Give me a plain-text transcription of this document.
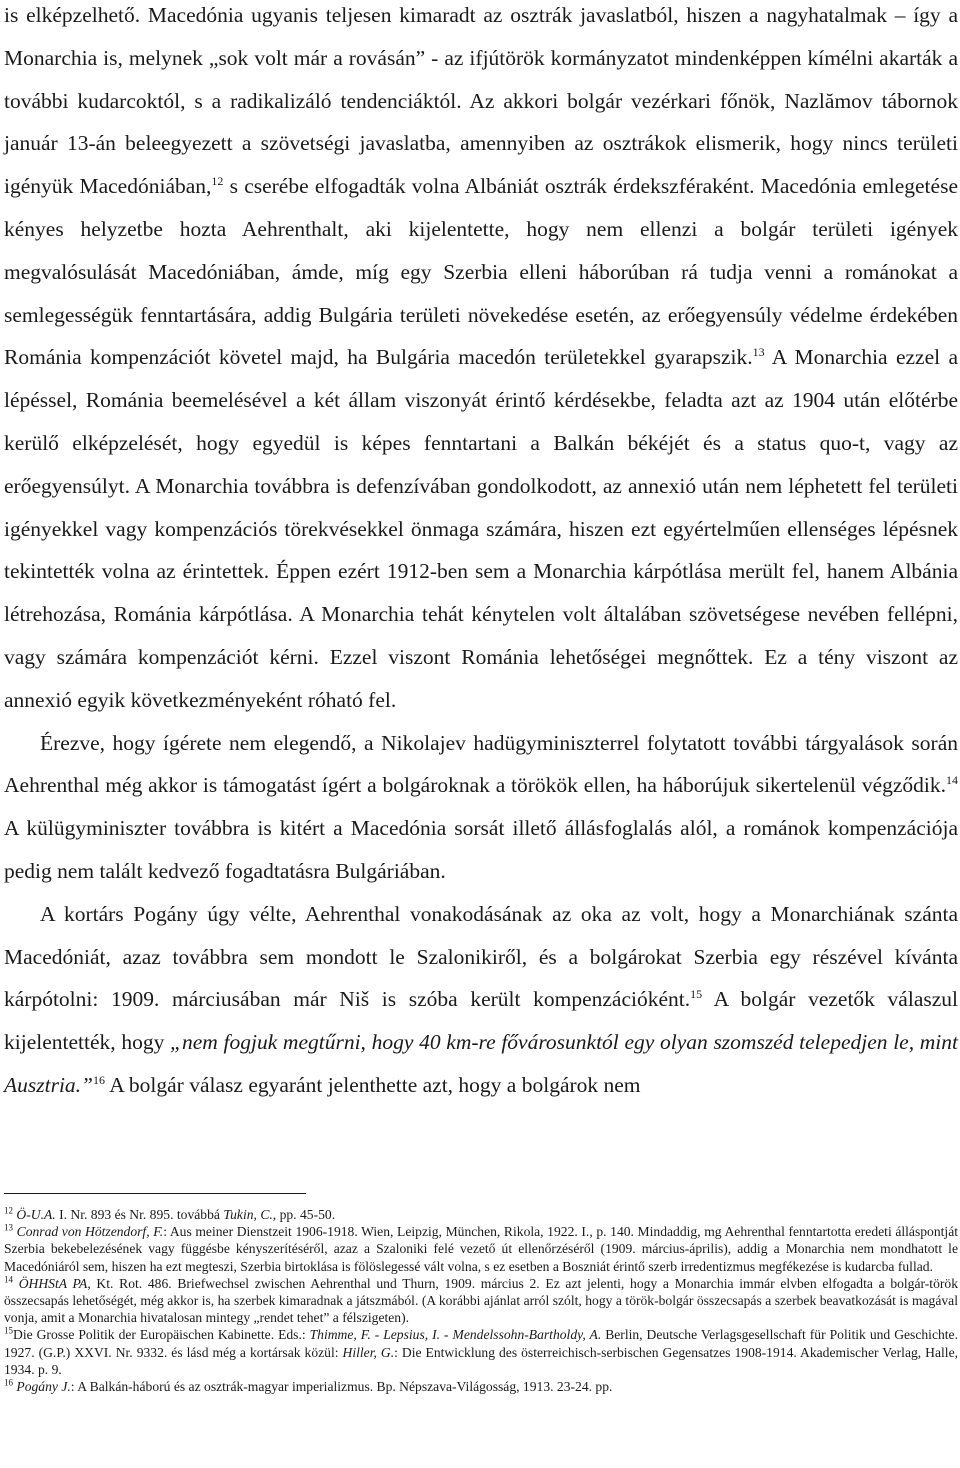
is elképzelhető. Macedónia ugyanis teljesen kimaradt az osztrák javaslatból, hiszen a nagyhatalmak – így a Monarchia is, melynek „sok volt már a rovásán” - az ifjútörök kormányzatot mindenképpen kímélni akarták a további kudarcoktól, s a radikalizáló tendenciáktól. Az akkori bolgár vezérkari főnök, Nazlămov tábornok január 13-án beleegyezett a szövetségi javaslatba, amennyiben az osztrákok elismerik, hogy nincs területi igényük Macedóniában,$^{12}$ s cserébe elfogadták volna Albániát osztrák érdekszféraként. Macedónia emlegetése kényes helyzetbe hozta Aehrenthalt, aki kijelentette, hogy nem ellenzi a bolgár területi igények megvalósulását Macedóniában, ámde, míg egy Szerbia elleni háborúban rá tudja venni a románokat a semlegességük fenntartására, addig Bulgária területi növekedése esetén, az erőegyensúly védelme érdekében Románia kompenzációt követel majd, ha Bulgária macedón területekkel gyarapszik.$^{13}$ A Monarchia ezzel a lépéssel, Románia beemelésével a két állam viszonyát érintő kérdésekbe, feladta azt az 1904 után előtérbe kerülő elképzelését, hogy egyedül is képes fenntartani a Balkán békéjét és a status quo-t, vagy az erőegyensúlyt. A Monarchia továbbra is defenzívában gondolkodott, az annexió után nem léphetett fel területi igényekkel vagy kompenzációs törekvésekkel önmaga számára, hiszen ezt egyértelműen ellenséges lépésnek tekintették volna az érintettek. Éppen ezért 1912-ben sem a Monarchia kárpótlása merült fel, hanem Albánia létrehozása, Románia kárpótlása. A Monarchia tehát kénytelen volt általában szövetségese nevében fellépni, vagy számára kompenzációt kérni. Ezzel viszont Románia lehetőségei megnőttek. Ez a tény viszont az annexió egyik következményeként róható fel.

Érezve, hogy ígérete nem elegendő, a Nikolajev hadügyminiszterrel folytatott további tárgyalások során Aehrenthal még akkor is támogatást ígért a bolgároknak a törökök ellen, ha háborújuk sikertelenül végződik.$^{14}$ A külügyminiszter továbbra is kitért a Macedónia sorsát illető állásfoglalás alól, a románok kompenzációja pedig nem talált kedvező fogadtatásra Bulgáriában.

A kortárs Pogány úgy vélte, Aehrenthal vonakodásának az oka az volt, hogy a Monarchiának szánta Macedóniát, azaz továbbra sem mondott le Szalonikiről, és a bolgárokat Szerbia egy részével kívánta kárpótolni: 1909. márciusában már Niš is szóba került kompenzációként.$^{15}$ A bolgár vezetők válaszul kijelentették, hogy „nem fogjuk megtűrni, hogy 40 km-re fővárosunktól egy olyan szomszéd telepedjen le, mint Ausztria.”$^{16}$ A bolgár válasz egyaránt jelenthette azt, hogy a bolgárok nem

$^{12}$ Ö-U.A. I. Nr. 893 és Nr. 895. továbbá Tukin, C., pp. 45-50.

$^{13}$ Conrad von Hötzendorf, F.: Aus meiner Dienstzeit 1906-1918. Wien, Leipzig, München, Rikola, 1922. I., p. 140. Mindaddig, mg Aehrenthal fenntartotta eredeti álláspontját Szerbia bekebelezésének vagy függésbe kényszerítéséről, azaz a Szaloniki felé vezető út ellenőrzéséről (1909. március-április), addig a Monarchia nem mondhatott le Macedóniáról sem, hiszen ha ezt megteszi, Szerbia birtoklása is fölöslegessé vált volna, s ez esetben a Boszniát érintő szerb irredentizmus megfékezése is kudarcba fullad.

$^{14}$ ÖHHStA PA, Kt. Rot. 486. Briefwechsel zwischen Aehrenthal und Thurn, 1909. március 2. Ez azt jelenti, hogy a Monarchia immár elvben elfogadta a bolgár-török összecsapás lehetőségét, még akkor is, ha szerbek kimaradnak a játszmából. (A korábbi ajánlat arról szólt, hogy a török-bolgár összecsapás a szerbek beavatkozását is magával vonja, amit a Monarchia hivatalosan mintegy „rendet tehet” a félszigeten).

$^{15}$Die Grosse Politik der Europäischen Kabinette. Eds.: Thimme, F. - Lepsius, I. - Mendelssohn-Bartholdy, A. Berlin, Deutsche Verlagsgesellschaft für Politik und Geschichte. 1927. (G.P.) XXVI. Nr. 9332. és lásd még a kortársak közül: Hiller, G.: Die Entwicklung des österreichisch-serbischen Gegensatzes 1908-1914. Akademischer Verlag, Halle, 1934. p. 9.

$^{16}$ Pogány J.: A Balkán-háború és az osztrák-magyar imperializmus. Bp. Népszava-Világosság, 1913. 23-24. pp.
